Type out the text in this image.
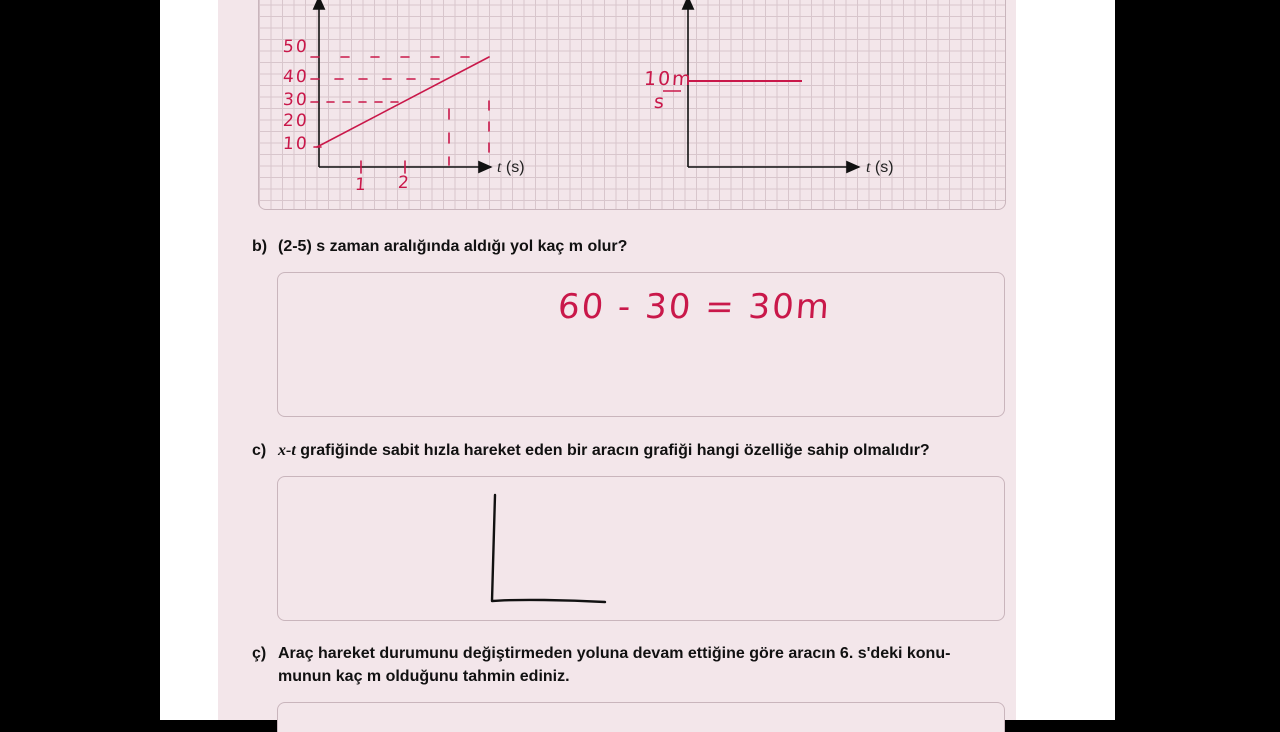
50
40
30
20
10
1 2
t (s)
10m
s
t (s)
b) (2-5) s zaman aralığında aldığı yol kaç m olur?
60 - 30 = 30m
c) x-t grafiğinde sabit hızla hareket eden bir aracın grafiği hangi özelliğe sahip olmalıdır?
ç) Araç hareket durumunu değiştirmeden yoluna devam ettiğine göre aracın 6. s'deki konu-
munun kaç m olduğunu tahmin ediniz.
